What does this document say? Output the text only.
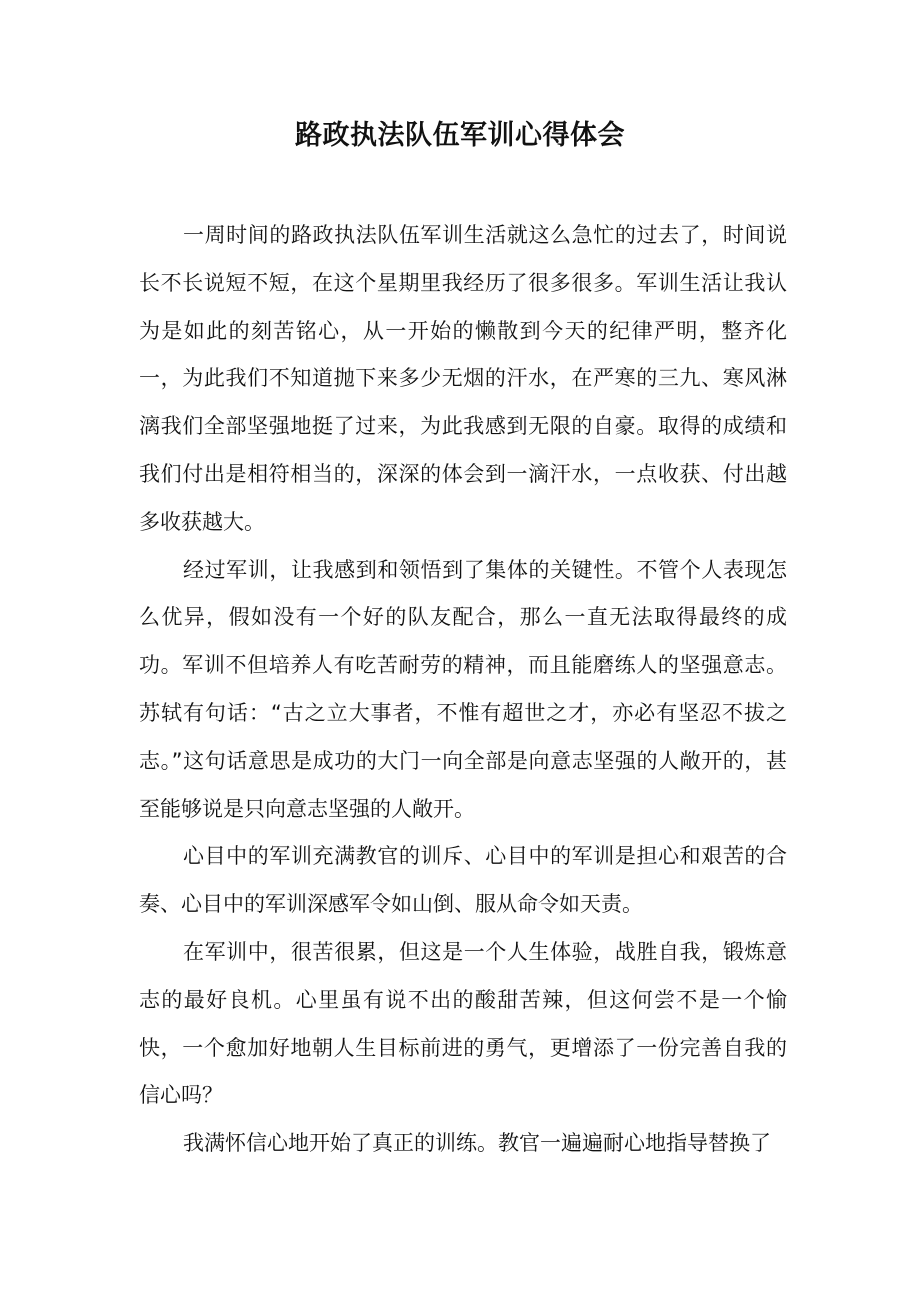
路政执法队伍军训心得体会

一周时间的路政执法队伍军训生活就这么急忙的过去了，时间说长不长说短不短，在这个星期里我经历了很多很多。军训生活让我认为是如此的刻苦铭心，从一开始的懒散到今天的纪律严明，整齐化一，为此我们不知道抛下来多少无烟的汗水，在严寒的三九、寒风淋漓我们全部坚强地挺了过来，为此我感到无限的自豪。取得的成绩和我们付出是相符相当的，深深的体会到一滴汗水，一点收获、付出越多收获越大。

经过军训，让我感到和领悟到了集体的关键性。不管个人表现怎么优异，假如没有一个好的队友配合，那么一直无法取得最终的成功。军训不但培养人有吃苦耐劳的精神，而且能磨练人的坚强意志。苏轼有句话：“古之立大事者，不惟有超世之才，亦必有坚忍不拔之志。”这句话意思是成功的大门一向全部是向意志坚强的人敞开的，甚至能够说是只向意志坚强的人敞开。

心目中的军训充满教官的训斥、心目中的军训是担心和艰苦的合奏、心目中的军训深感军令如山倒、服从命令如天责。

在军训中，很苦很累，但这是一个人生体验，战胜自我，锻炼意志的最好良机。心里虽有说不出的酸甜苦辣，但这何尝不是一个愉快，一个愈加好地朝人生目标前进的勇气，更增添了一份完善自我的信心吗？

我满怀信心地开始了真正的训练。教官一遍遍耐心地指导替换了
